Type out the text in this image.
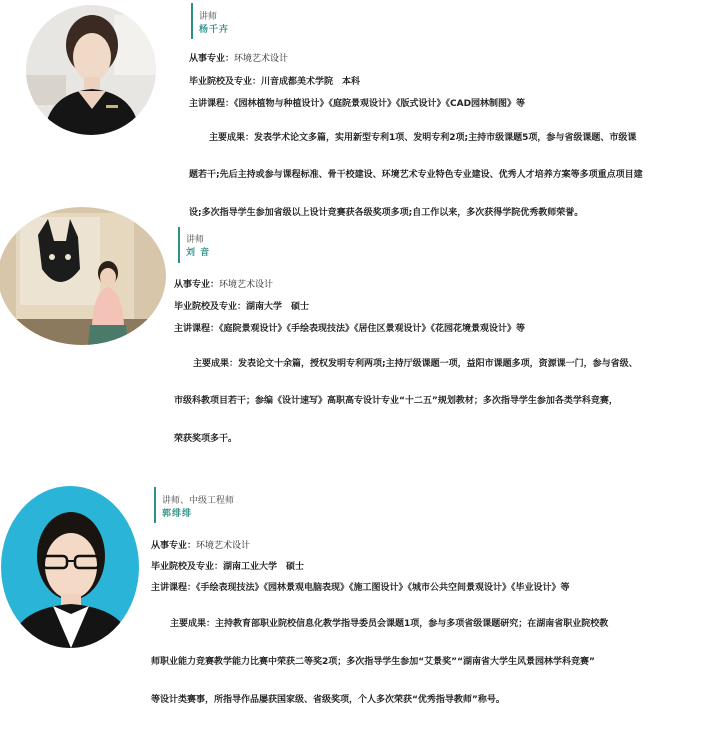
讲师
杨千卉
从事专业：环境艺术设计
毕业院校及专业：川音成都美术学院　本科
主讲课程：《园林植物与种植设计》《庭院景观设计》《版式设计》《CAD园林制图》等
主要成果：发表学术论文多篇，实用新型专利1项、发明专利2项;主持市级课题5项，参与省级课题、市级课
题若干;先后主持或参与课程标准、骨干校建设、环境艺术专业特色专业建设、优秀人才培养方案等多项重点项目建
设;多次指导学生参加省级以上设计竞赛获各级奖项多项;自工作以来，多次获得学院优秀教师荣誉。
讲师
刘 音
从事专业：环境艺术设计
毕业院校及专业：湖南大学　硕士
主讲课程：《庭院景观设计》《手绘表现技法》《居住区景观设计》《花园花境景观设计》等
主要成果：发表论文十余篇，授权发明专利两项;主持厅级课题一项，益阳市课题多项，资源课一门，参与省级、
市级科教项目若干；参编《设计速写》高职高专设计专业“十二五”规划教材；多次指导学生参加各类学科竞赛，
荣获奖项多干。
讲师、中级工程师
郭绯绯
从事专业：环境艺术设计
毕业院校及专业：湖南工业大学　硕士
主讲课程：《手绘表现技法》《园林景观电脑表现》《施工图设计》《城市公共空间景观设计》《毕业设计》等
主要成果：主持教育部职业院校信息化教学指导委员会课题1项，参与多项省级课题研究；在湖南省职业院校教
师职业能力竞赛教学能力比赛中荣获二等奖2项；多次指导学生参加“艾景奖”“湖南省大学生风景园林学科竞赛”
等设计类赛事，所指导作品屡获国家级、省级奖项，个人多次荣获“优秀指导教师”称号。
